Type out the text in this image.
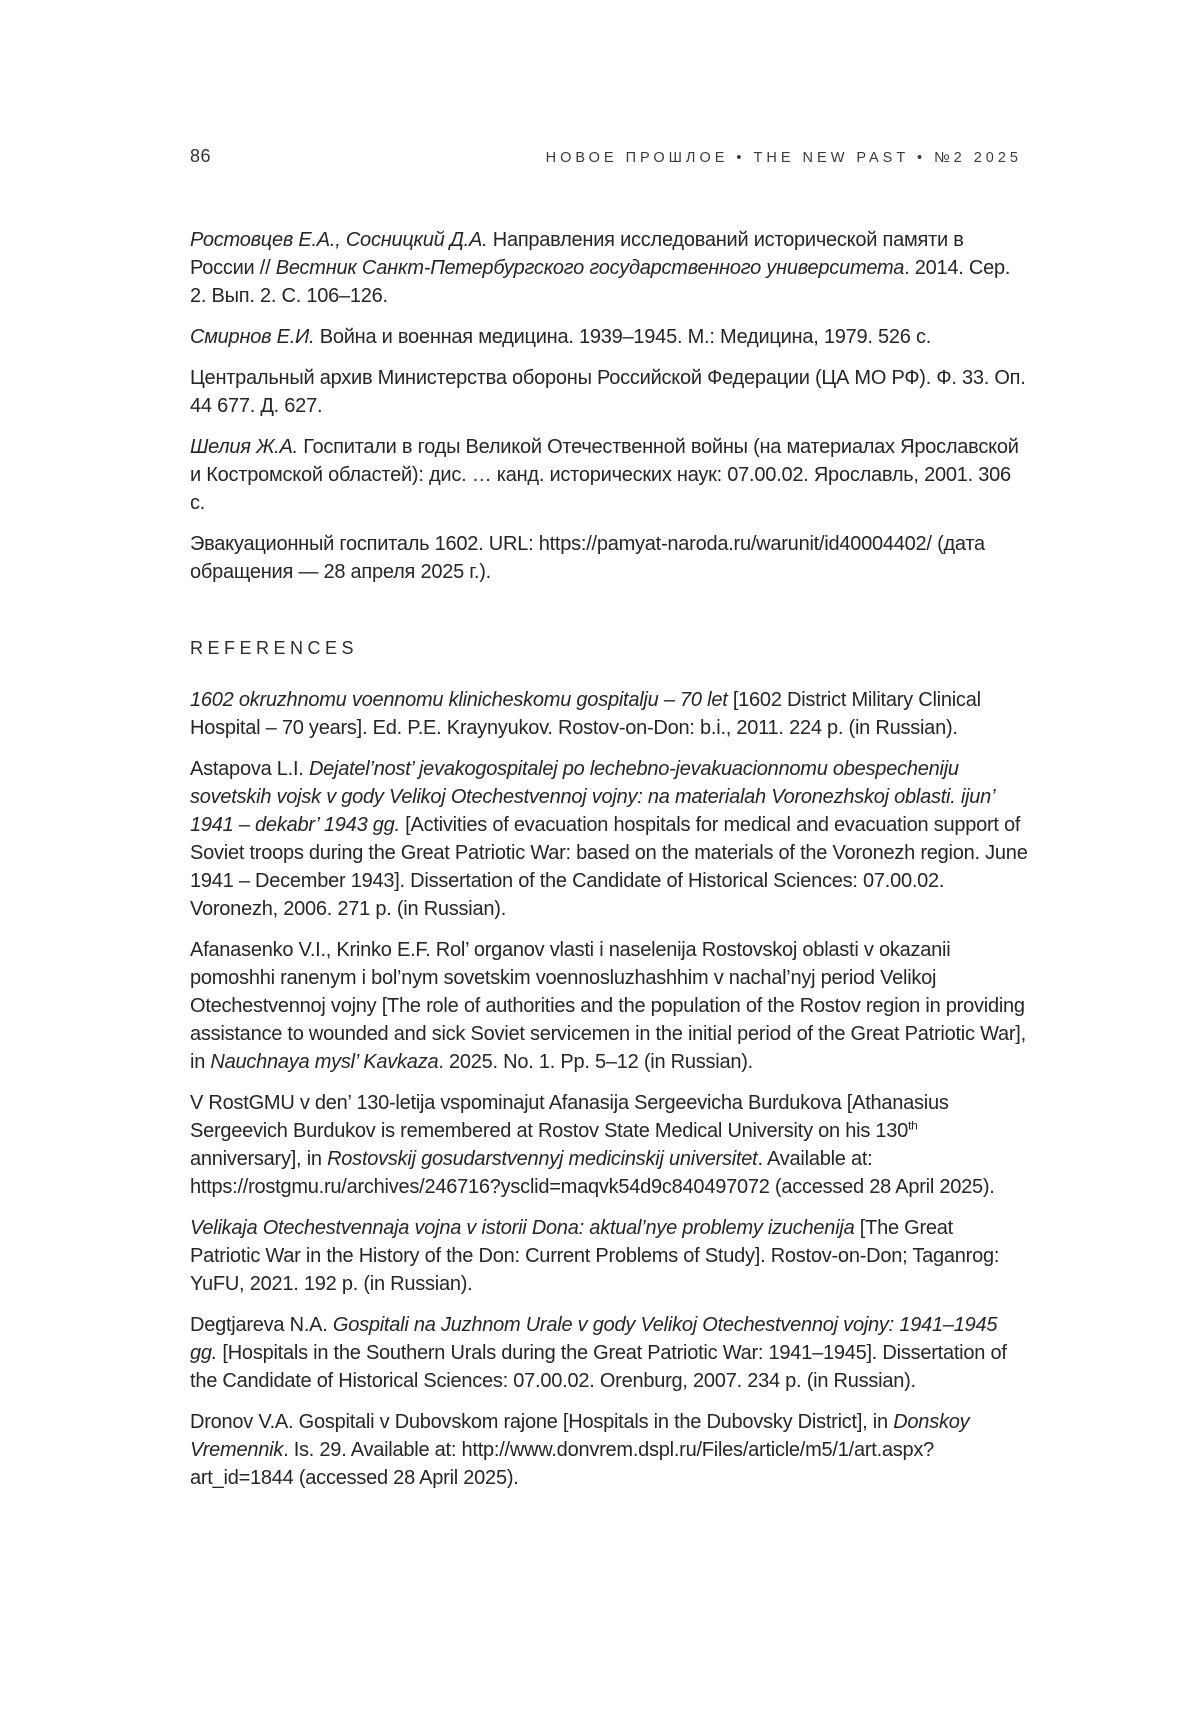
86	НОВОЕ ПРОШЛОЕ • THE NEW PAST • №2 2025

Ростовцев Е.А., Сосницкий Д.А. Направления исследований исторической памяти в России // Вестник Санкт-Петербургского государственного университета. 2014. Сер. 2. Вып. 2. С. 106–126.

Смирнов Е.И. Война и военная медицина. 1939–1945. М.: Медицина, 1979. 526 с.

Центральный архив Министерства обороны Российской Федерации (ЦА МО РФ). Ф. 33. Оп. 44 677. Д. 627.

Шелия Ж.А. Госпитали в годы Великой Отечественной войны (на материалах Ярославской и Костромской областей): дис. … канд. исторических наук: 07.00.02. Ярославль, 2001. 306 с.

Эвакуационный госпиталь 1602. URL: https://pamyat-naroda.ru/warunit/id40004402/ (дата обращения — 28 апреля 2025 г.).

REFERENCES

1602 okruzhnomu voennomu klinicheskomu gospitalju – 70 let [1602 District Military Clinical Hospital – 70 years]. Ed. P.E. Kraynyukov. Rostov-on-Don: b.i., 2011. 224 p. (in Russian).

Astapova L.I. Dejatel’nost’ jevakogospitalej po lechebno-jevakuacionnomu obespecheniju sovetskih vojsk v gody Velikoj Otechestvennoj vojny: na materialah Voronezhskoj oblasti. ijun’ 1941 – dekabr’ 1943 gg. [Activities of evacuation hospitals for medical and evacuation support of Soviet troops during the Great Patriotic War: based on the materials of the Voronezh region. June 1941 – December 1943]. Dissertation of the Candidate of Historical Sciences: 07.00.02. Voronezh, 2006. 271 p. (in Russian).

Afanasenko V.I., Krinko E.F. Rol’ organov vlasti i naselenija Rostovskoj oblasti v okazanii pomoshhi ranenym i bol’nym sovetskim voennosluzhashhim v nachal’nyj period Velikoj Otechestvennoj vojny [The role of authorities and the population of the Rostov region in providing assistance to wounded and sick Soviet servicemen in the initial period of the Great Patriotic War], in Nauchnaya mysl’ Kavkaza. 2025. No. 1. Pp. 5–12 (in Russian).

V RostGMU v den’ 130-letija vspominajut Afanasija Sergeevicha Burdukova [Athanasius Sergeevich Burdukov is remembered at Rostov State Medical University on his 130th anniversary], in Rostovskij gosudarstvennyj medicinskij universitet. Available at: https://rostgmu.ru/archives/246716?ysclid=maqvk54d9c840497072 (accessed 28 April 2025).

Velikaja Otechestvennaja vojna v istorii Dona: aktual’nye problemy izuchenija [The Great Patriotic War in the History of the Don: Current Problems of Study]. Rostov-on-Don; Taganrog: YuFU, 2021. 192 p. (in Russian).

Degtjareva N.A. Gospitali na Juzhnom Urale v gody Velikoj Otechestvennoj vojny: 1941–1945 gg. [Hospitals in the Southern Urals during the Great Patriotic War: 1941–1945]. Dissertation of the Candidate of Historical Sciences: 07.00.02. Orenburg, 2007. 234 p. (in Russian).

Dronov V.A. Gospitali v Dubovskom rajone [Hospitals in the Dubovsky District], in Donskoy Vremennik. Is. 29. Available at: http://www.donvrem.dspl.ru/Files/article/m5/1/art.aspx?art_id=1844 (accessed 28 April 2025).
